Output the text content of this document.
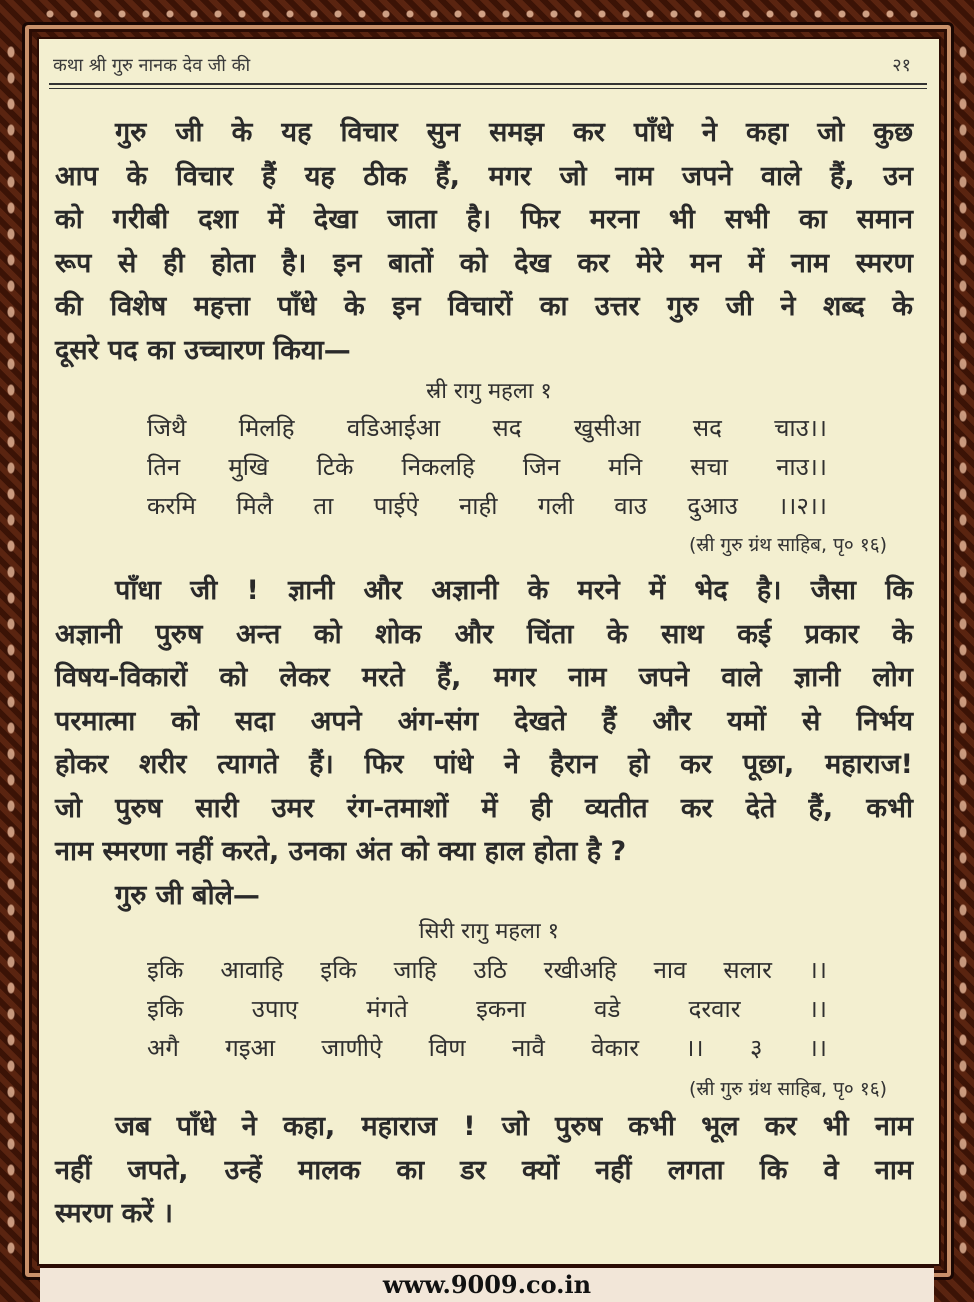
कथा श्री गुरु नानक देव जी की	२१
गुरु जी के यह विचार सुन समझ कर पाँधे ने कहा जो कुछ
आप के विचार हैं यह ठीक हैं, मगर जो नाम जपने वाले हैं, उन
को गरीबी दशा में देखा जाता है। फिर मरना भी सभी का समान
रूप से ही होता है। इन बातों को देख कर मेरे मन में नाम स्मरण
की विशेष महत्ता पाँधे के इन विचारों का उत्तर गुरु जी ने शब्द के
दूसरे पद का उच्चारण किया—
स्री रागु महला १
जिथै मिलहि वडिआईआ सद खुसीआ सद चाउ।।
तिन मुखि टिके निकलहि जिन मनि सचा नाउ।।
करमि मिलै ता पाईऐ नाही गली वाउ दुआउ ।।२।।
(स्री गुरु ग्रंथ साहिब, पृ० १६)
पाँधा जी ! ज्ञानी और अज्ञानी के मरने में भेद है। जैसा कि
अज्ञानी पुरुष अन्त को शोक और चिंता के साथ कई प्रकार के
विषय-विकारों को लेकर मरते हैं, मगर नाम जपने वाले ज्ञानी लोग
परमात्मा को सदा अपने अंग-संग देखते हैं और यमों से निर्भय
होकर शरीर त्यागते हैं। फिर पांधे ने हैरान हो कर पूछा, महाराज!
जो पुरुष सारी उमर रंग-तमाशों में ही व्यतीत कर देते हैं, कभी
नाम स्मरणा नहीं करते, उनका अंत को क्या हाल होता है ?
गुरु जी बोले—
सिरी रागु महला १
इकि आवाहि इकि जाहि उठि रखीअहि नाव सलार ।।
इकि उपाए मंगते इकना वडे दरवार ।।
अगै गइआ जाणीऐ विण नावै वेकार ।। ३ ।।
(स्री गुरु ग्रंथ साहिब, पृ० १६)
जब पाँधे ने कहा, महाराज ! जो पुरुष कभी भूल कर भी नाम
नहीं जपते, उन्हें मालक का डर क्यों नहीं लगता कि वे नाम
स्मरण करें ।
www.9009.co.in
